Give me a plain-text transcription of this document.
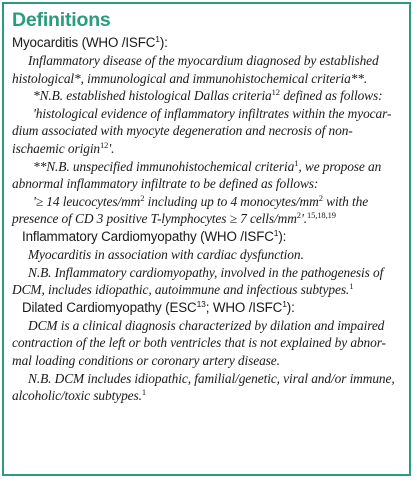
Definitions
Myocarditis (WHO /ISFC$^1$):
Inflammatory disease of the myocardium diagnosed by established
histological*, immunological and immunohistochemical criteria**.
*N.B. established histological Dallas criteria$^{12}$ defined as follows:
'histological evidence of inflammatory infiltrates within the myocar-
dium associated with myocyte degeneration and necrosis of non-
ischaemic origin$^{12}$'.
**N.B. unspecified immunohistochemical criteria$^1$, we propose an
abnormal inflammatory infiltrate to be defined as follows:
'≥ 14 leucocytes/$mm^2$ including up to 4 monocytes/$mm^2$ with the
presence of CD 3 positive T-lymphocytes ≥ 7 cells/$mm^2'.^{15,18,19}$
Inflammatory Cardiomyopathy (WHO /ISFC$^1$):
Myocarditis in association with cardiac dysfunction.
N.B. Inflammatory cardiomyopathy, involved in the pathogenesis of
DCM, includes idiopathic, autoimmune and infectious subtypes.$^1$
Dilated Cardiomyopathy (ESC$^{13}$; WHO /ISFC$^1$):
DCM is a clinical diagnosis characterized by dilation and impaired
contraction of the left or both ventricles that is not explained by abnor-
mal loading conditions or coronary artery disease.
N.B. DCM includes idiopathic, familial/genetic, viral and/or immune,
alcoholic/toxic subtypes.$^1$
